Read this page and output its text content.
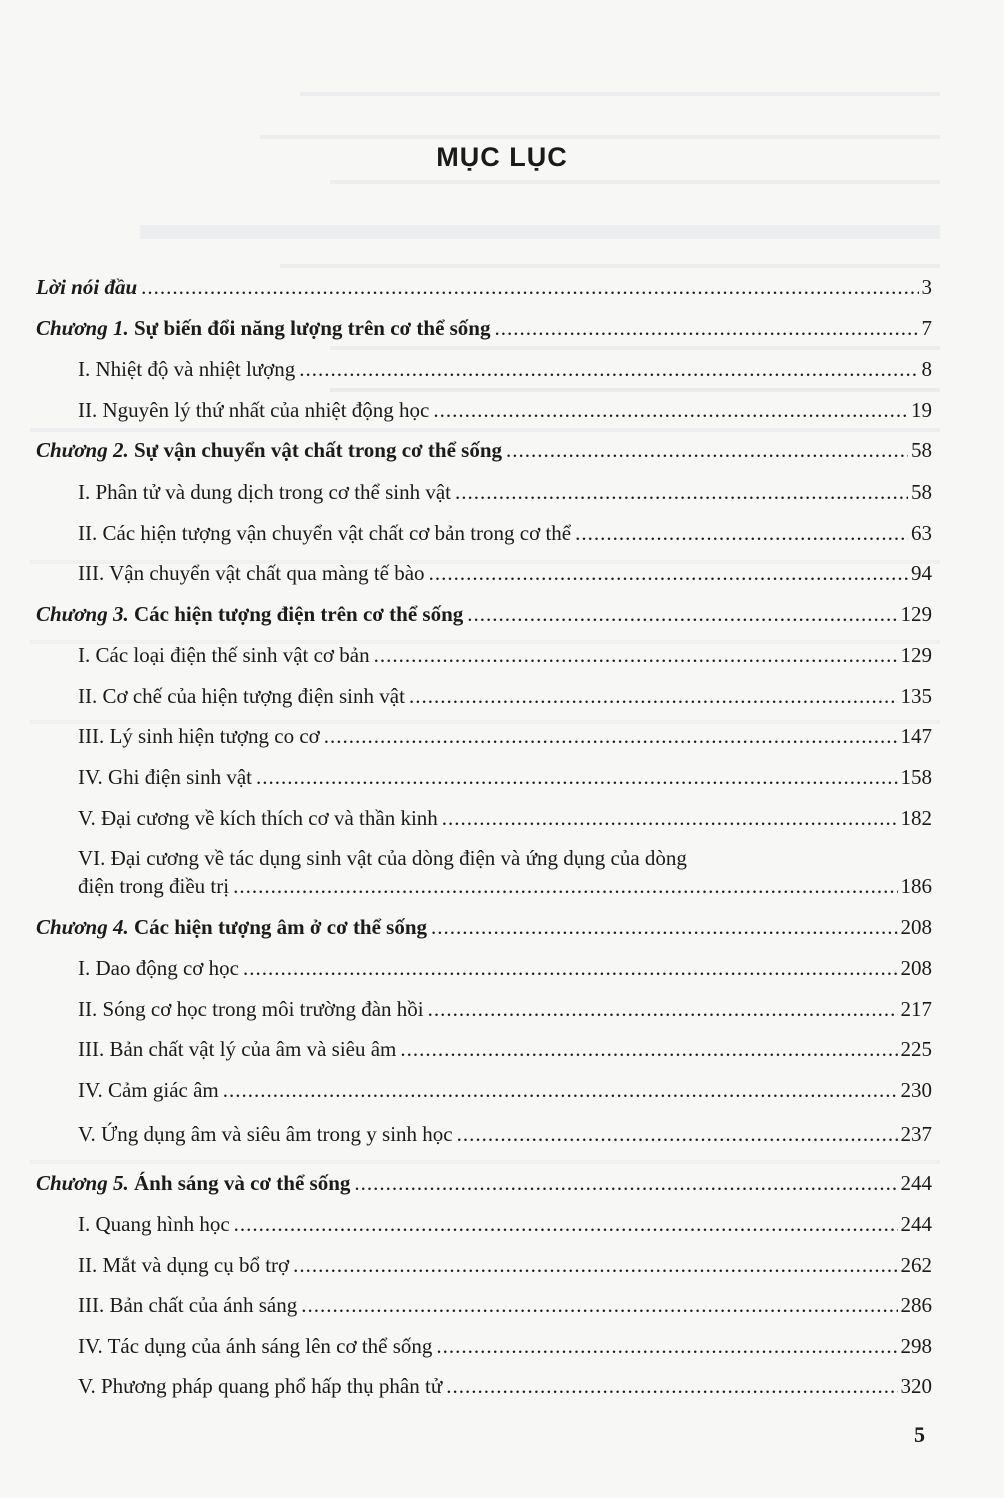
MỤC LỤC
Lời nói đầu .....	3
Chương 1. Sự biến đổi năng lượng trên cơ thể sống .....	7
I. Nhiệt độ và nhiệt lượng .....	8
II. Nguyên lý thứ nhất của nhiệt động học .....	19
Chương 2. Sự vận chuyển vật chất trong cơ thể sống .....	58
I. Phân tử và dung dịch trong cơ thể sinh vật .....	58
II. Các hiện tượng vận chuyển vật chất cơ bản trong cơ thể .....	63
III. Vận chuyển vật chất qua màng tế bào .....	94
Chương 3. Các hiện tượng điện trên cơ thể sống .....	129
I. Các loại điện thế sinh vật cơ bản .....	129
II. Cơ chế của hiện tượng điện sinh vật .....	135
III. Lý sinh hiện tượng co cơ .....	147
IV. Ghi điện sinh vật .....	158
V. Đại cương về kích thích cơ và thần kinh .....	182
VI. Đại cương về tác dụng sinh vật của dòng điện và ứng dụng của dòng
điện trong điều trị .....	186
Chương 4. Các hiện tượng âm ở cơ thể sống .....	208
I. Dao động cơ học .....	208
II. Sóng cơ học trong môi trường đàn hồi .....	217
III. Bản chất vật lý của âm và siêu âm .....	225
IV. Cảm giác âm .....	230
V. Ứng dụng âm và siêu âm trong y sinh học .....	237
Chương 5. Ánh sáng và cơ thể sống .....	244
I. Quang hình học .....	244
II. Mắt và dụng cụ bổ trợ .....	262
III. Bản chất của ánh sáng .....	286
IV. Tác dụng của ánh sáng lên cơ thể sống .....	298
V. Phương pháp quang phổ hấp thụ phân tử .....	320
5
